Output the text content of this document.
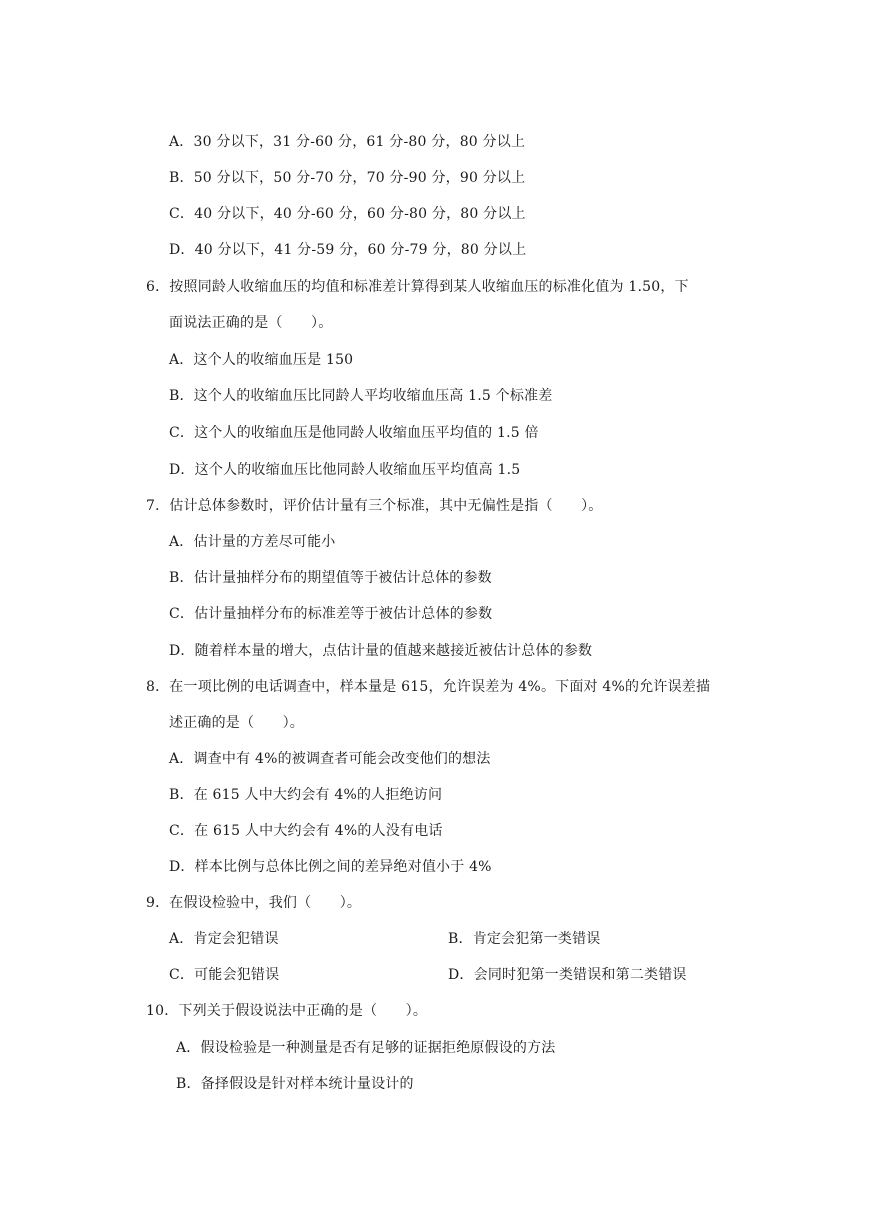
A．30 分以下，31 分-60 分，61 分-80 分，80 分以上
B．50 分以下，50 分-70 分，70 分-90 分，90 分以上
C．40 分以下，40 分-60 分，60 分-80 分，80 分以上
D．40 分以下，41 分-59 分，60 分-79 分，80 分以上
6．按照同龄人收缩血压的均值和标准差计算得到某人收缩血压的标准化值为 1.50，下
面说法正确的是（　　）。
A．这个人的收缩血压是 150
B．这个人的收缩血压比同龄人平均收缩血压高 1.5 个标准差
C．这个人的收缩血压是他同龄人收缩血压平均值的 1.5 倍
D．这个人的收缩血压比他同龄人收缩血压平均值高 1.5
7．估计总体参数时，评价估计量有三个标准，其中无偏性是指（　　）。
A．估计量的方差尽可能小
B．估计量抽样分布的期望值等于被估计总体的参数
C．估计量抽样分布的标准差等于被估计总体的参数
D．随着样本量的增大，点估计量的值越来越接近被估计总体的参数
8．在一项比例的电话调查中，样本量是 615，允许误差为 4%。下面对 4%的允许误差描
述正确的是（　　）。
A．调查中有 4%的被调查者可能会改变他们的想法
B．在 615 人中大约会有 4%的人拒绝访问
C．在 615 人中大约会有 4%的人没有电话
D．样本比例与总体比例之间的差异绝对值小于 4%
9．在假设检验中，我们（　　）。
A．肯定会犯错误	B．肯定会犯第一类错误
C．可能会犯错误	D．会同时犯第一类错误和第二类错误
10．下列关于假设说法中正确的是（　　）。
A．假设检验是一种测量是否有足够的证据拒绝原假设的方法
B．备择假设是针对样本统计量设计的
